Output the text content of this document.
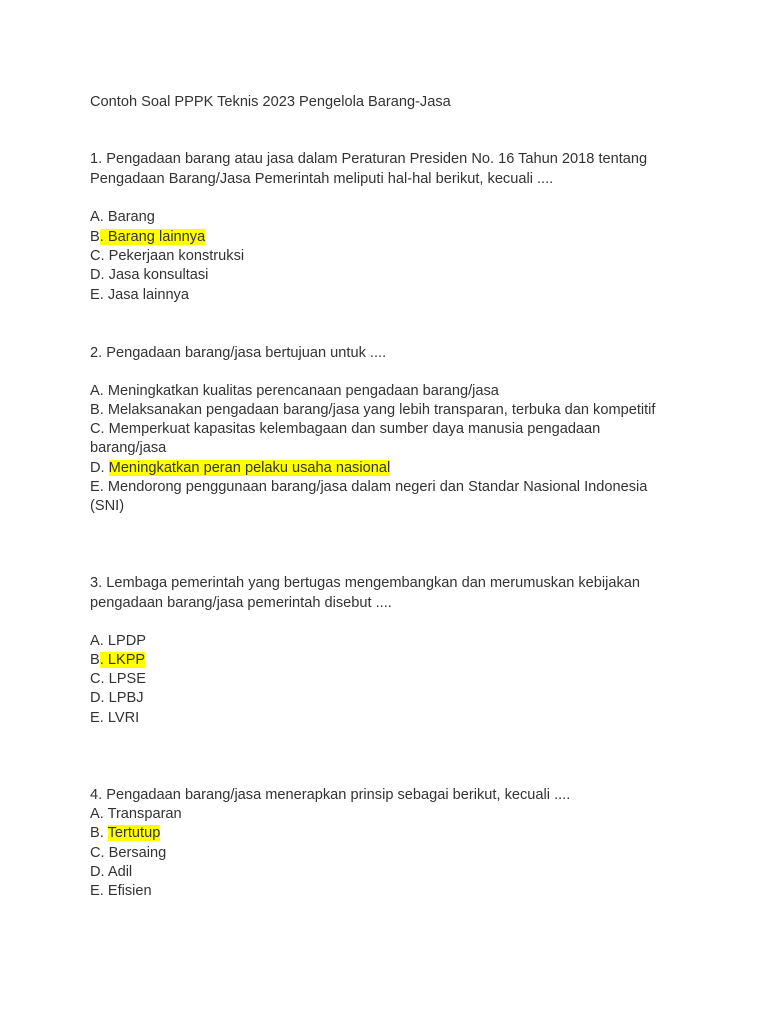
Contoh Soal PPPK Teknis 2023 Pengelola Barang-Jasa

1. Pengadaan barang atau jasa dalam Peraturan Presiden No. 16 Tahun 2018 tentang

Pengadaan Barang/Jasa Pemerintah meliputi hal-hal berikut, kecuali ....

A. Barang

B. Barang lainnya

C. Pekerjaan konstruksi

D. Jasa konsultasi

E. Jasa lainnya

2. Pengadaan barang/jasa bertujuan untuk ....

A. Meningkatkan kualitas perencanaan pengadaan barang/jasa

B. Melaksanakan pengadaan barang/jasa yang lebih transparan, terbuka dan kompetitif

C. Memperkuat kapasitas kelembagaan dan sumber daya manusia pengadaan

barang/jasa

D. Meningkatkan peran pelaku usaha nasional

E. Mendorong penggunaan barang/jasa dalam negeri dan Standar Nasional Indonesia

(SNI)

3. Lembaga pemerintah yang bertugas mengembangkan dan merumuskan kebijakan

pengadaan barang/jasa pemerintah disebut ....

A. LPDP

B. LKPP

C. LPSE

D. LPBJ

E. LVRI

4. Pengadaan barang/jasa menerapkan prinsip sebagai berikut, kecuali ....

A. Transparan

B. Tertutup

C. Bersaing

D. Adil

E. Efisien
